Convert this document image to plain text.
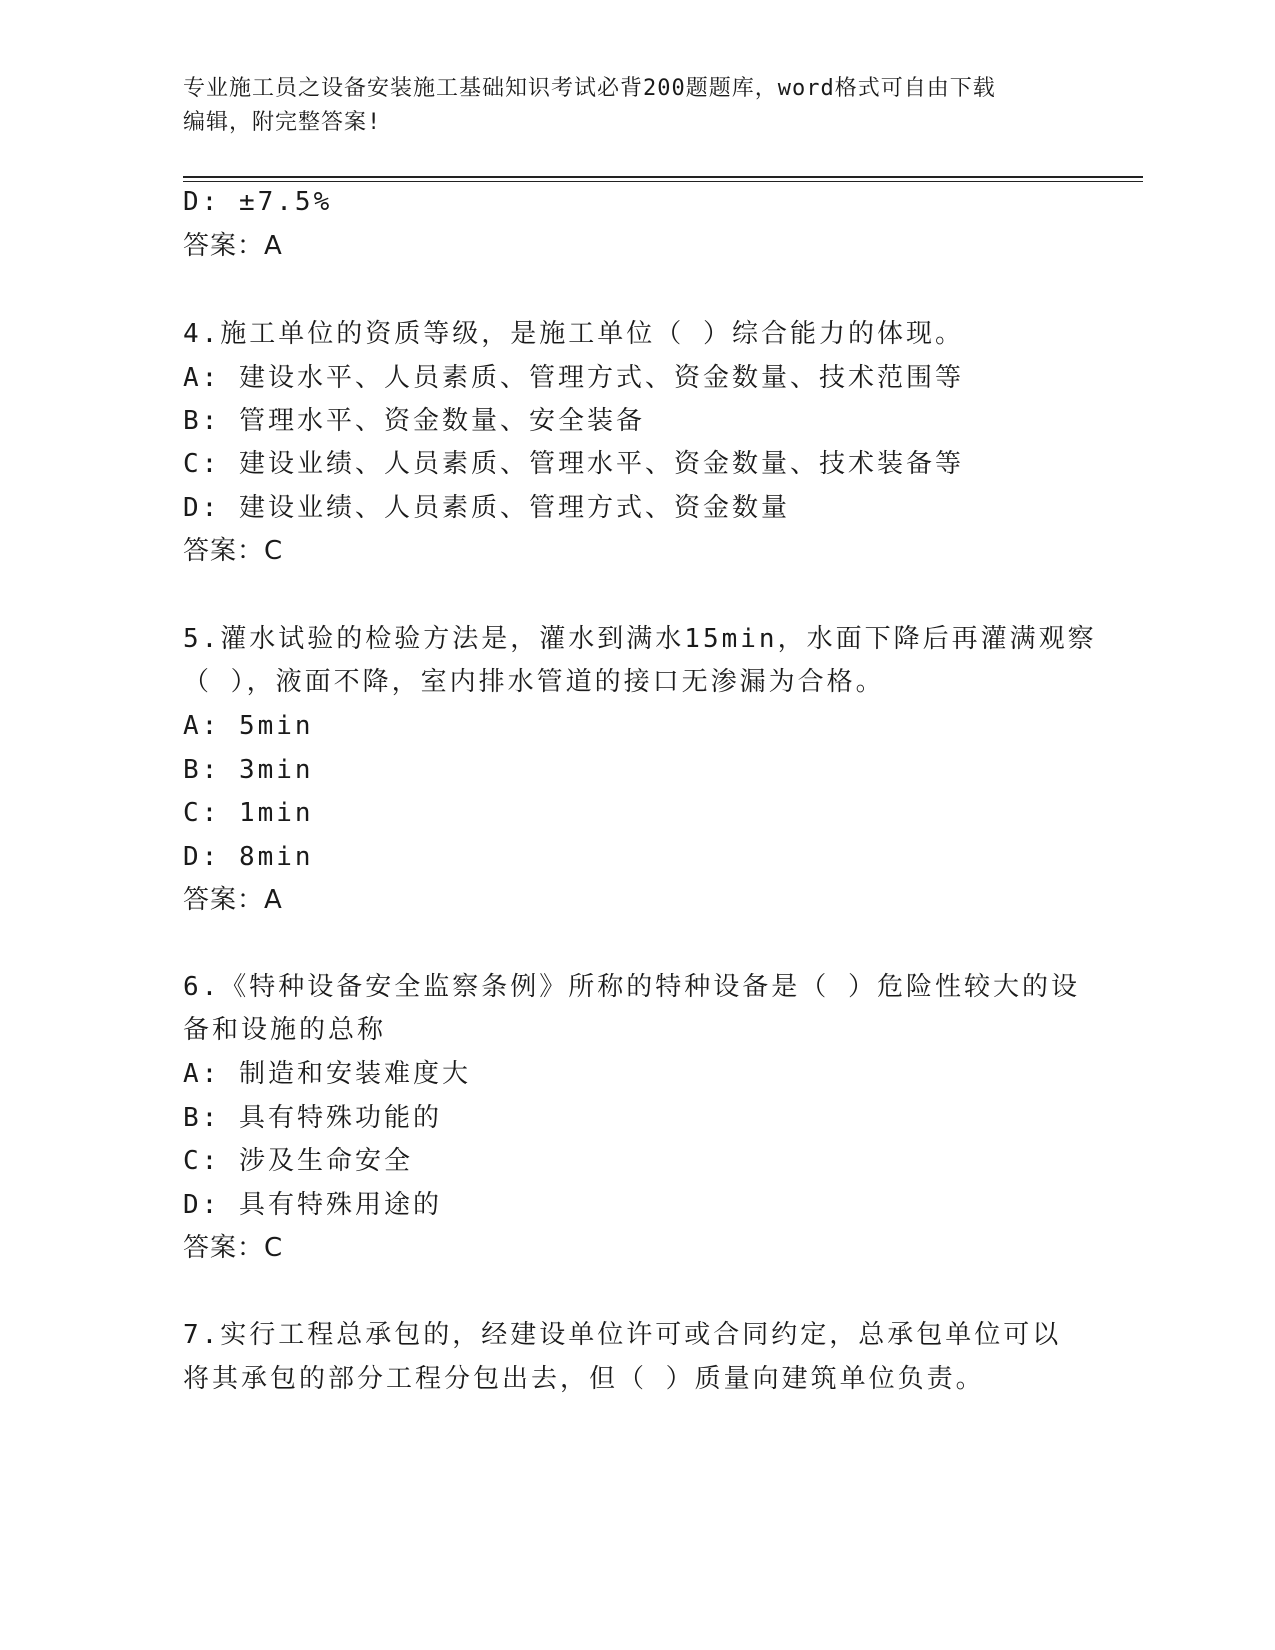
专业施工员之设备安装施工基础知识考试必背200题题库，word格式可自由下载
编辑，附完整答案!
D: ±7.5%
答案：A
4.施工单位的资质等级，是施工单位（ ）综合能力的体现。
A: 建设水平、人员素质、管理方式、资金数量、技术范围等
B: 管理水平、资金数量、安全装备
C: 建设业绩、人员素质、管理水平、资金数量、技术装备等
D: 建设业绩、人员素质、管理方式、资金数量
答案：C
5.灌水试验的检验方法是，灌水到满水15min，水面下降后再灌满观察
（ ），液面不降，室内排水管道的接口无渗漏为合格。
A: 5min
B: 3min
C: 1min
D: 8min
答案：A
6.《特种设备安全监察条例》所称的特种设备是（ ）危险性较大的设
备和设施的总称
A: 制造和安装难度大
B: 具有特殊功能的
C: 涉及生命安全
D: 具有特殊用途的
答案：C
7.实行工程总承包的，经建设单位许可或合同约定，总承包单位可以
将其承包的部分工程分包出去，但（ ）质量向建筑单位负责。
